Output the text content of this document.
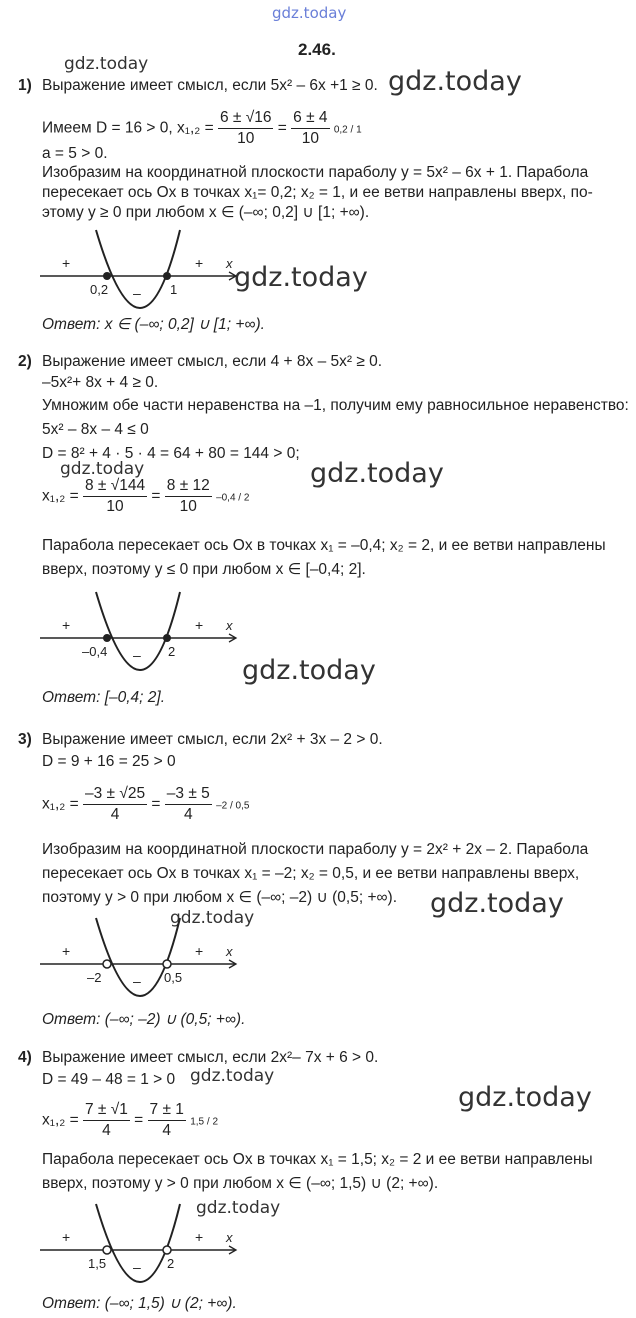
gdz.today
gdz.today
gdz.today
gdz.today
gdz.today	gdz.today
gdz.today
gdz.today
gdz.today
gdz.today
gdz.today
gdz.today
2.46.
1) Выражение имеет смысл, если 5x² – 6x +1 ≥ 0.
Имеем D = 16 > 0, $x_1,_2 = \frac{6 \pm √16}{10} = \frac{6 \pm 4}{10} 0,2 / 1$
a = 5 > 0.
Изобразим на координатной плоскости параболу y = 5x² – 6x + 1. Парабола
пересекает ось Ox в точках x₁= 0,2; x₂ = 1, и ее ветви направлены вверх, по-
этому y ≥ 0 при любом x ∈ (–∞; 0,2] ∪ [1; +∞).
+	+
–
0,2	1
x
Ответ: x ∈ (–∞; 0,2] ∪ [1; +∞).
2) Выражение имеет смысл, если 4 + 8x – 5x² ≥ 0.
–5x²+ 8x + 4 ≥ 0.
Умножим обе части неравенства на –1, получим ему равносильное неравенство:
5x² – 8x – 4 ≤ 0
D = 8² + 4 · 5 · 4 = 64 + 80 = 144 > 0;
$x_1,_2 = \frac{8 \pm √144}{10} = \frac{8 \pm 12}{10} -0,4 / 2$
Парабола пересекает ось Ox в точках x₁ = –0,4; x₂ = 2, и ее ветви направлены
вверх, поэтому y ≤ 0 при любом x ∈ [–0,4; 2].
+	+
–
–0,4	2
x
Ответ: [–0,4; 2].
3) Выражение имеет смысл, если 2x² + 3x – 2 > 0.
D = 9 + 16 = 25 > 0
$x_1,_2 = \frac{-3 \pm √25}{4} = \frac{-3 \pm 5}{4} -2 / 0,5$
Изобразим на координатной плоскости параболу y = 2x² + 2x – 2. Парабола
пересекает ось Ox в точках x₁ = –2; x₂ = 0,5, и ее ветви направлены вверх,
поэтому y > 0 при любом x ∈ (–∞; –2) ∪ (0,5; +∞).
+	+
–
–2	0,5
x
Ответ: (–∞; –2) ∪ (0,5; +∞).
4) Выражение имеет смысл, если 2x²– 7x + 6 > 0.
D = 49 – 48 = 1 > 0
$x_1,_2 = \frac{7 \pm √1}{4} = \frac{7 \pm 1}{4} 1,5 / 2$
Парабола пересекает ось Ox в точках x₁ = 1,5; x₂ = 2 и ее ветви направлены
вверх, поэтому y > 0 при любом x ∈ (–∞; 1,5) ∪ (2; +∞).
+	+
–
1,5	2
x
Ответ: (–∞; 1,5) ∪ (2; +∞).
